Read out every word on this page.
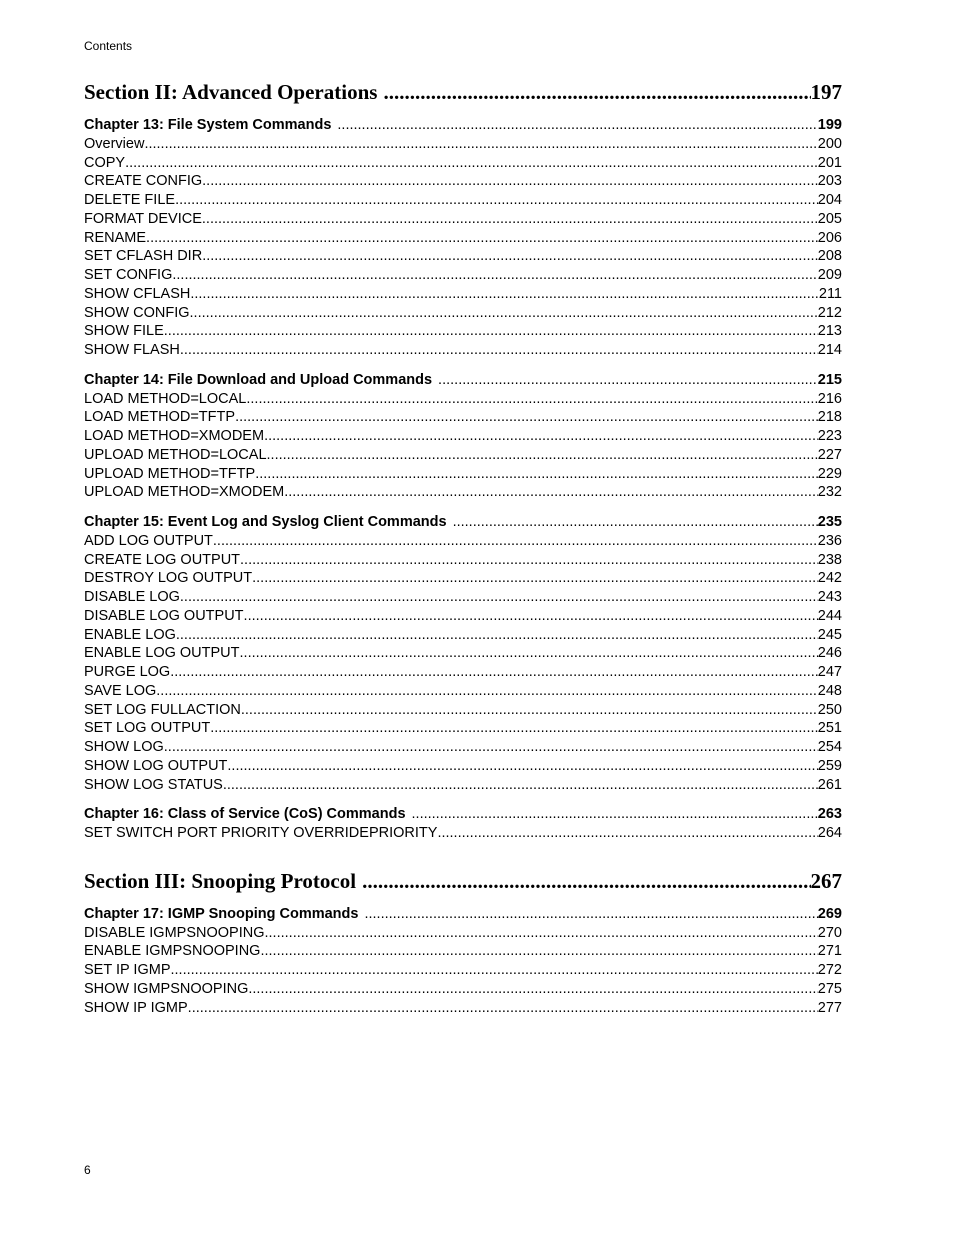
Contents
Section II: Advanced Operations .....	197
Chapter 13: File System Commands .....	199
Overview .....	200
COPY .....	201
CREATE CONFIG .....	203
DELETE FILE .....	204
FORMAT DEVICE .....	205
RENAME .....	206
SET CFLASH DIR .....	208
SET CONFIG .....	209
SHOW CFLASH .....	211
SHOW CONFIG .....	212
SHOW FILE .....	213
SHOW FLASH .....	214
Chapter 14: File Download and Upload Commands .....	215
LOAD METHOD=LOCAL .....	216
LOAD METHOD=TFTP .....	218
LOAD METHOD=XMODEM .....	223
UPLOAD METHOD=LOCAL .....	227
UPLOAD METHOD=TFTP .....	229
UPLOAD METHOD=XMODEM .....	232
Chapter 15: Event Log and Syslog Client Commands .....	235
ADD LOG OUTPUT .....	236
CREATE LOG OUTPUT .....	238
DESTROY LOG OUTPUT .....	242
DISABLE LOG .....	243
DISABLE LOG OUTPUT .....	244
ENABLE LOG .....	245
ENABLE LOG OUTPUT .....	246
PURGE LOG .....	247
SAVE LOG .....	248
SET LOG FULLACTION .....	250
SET LOG OUTPUT .....	251
SHOW LOG .....	254
SHOW LOG OUTPUT .....	259
SHOW LOG STATUS .....	261
Chapter 16: Class of Service (CoS) Commands .....	263
SET SWITCH PORT PRIORITY OVERRIDEPRIORITY .....	264
Section III: Snooping Protocol .....	267
Chapter 17: IGMP Snooping Commands .....	269
DISABLE IGMPSNOOPING .....	270
ENABLE IGMPSNOOPING .....	271
SET IP IGMP .....	272
SHOW IGMPSNOOPING .....	275
SHOW IP IGMP .....	277
6
